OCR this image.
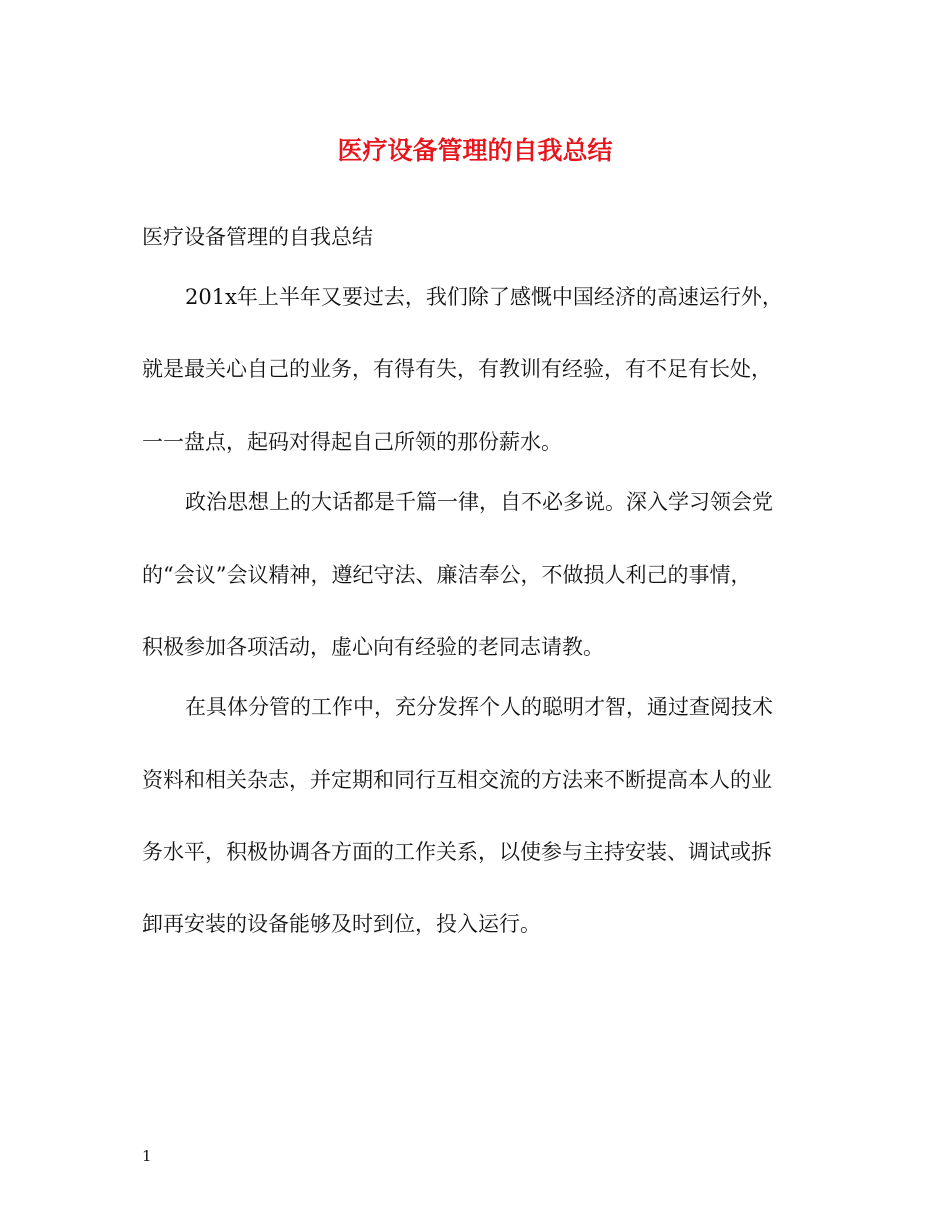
医疗设备管理的自我总结

医疗设备管理的自我总结

201x年上半年又要过去，我们除了感慨中国经济的高速运行外，

就是最关心自己的业务，有得有失，有教训有经验，有不足有长处，

一一盘点，起码对得起自己所领的那份薪水。

政治思想上的大话都是千篇一律，自不必多说。深入学习领会党

的“会议”会议精神，遵纪守法、廉洁奉公，不做损人利己的事情，

积极参加各项活动，虚心向有经验的老同志请教。

在具体分管的工作中，充分发挥个人的聪明才智，通过查阅技术

资料和相关杂志，并定期和同行互相交流的方法来不断提高本人的业

务水平，积极协调各方面的工作关系，以使参与主持安装、调试或拆

卸再安装的设备能够及时到位，投入运行。

1
